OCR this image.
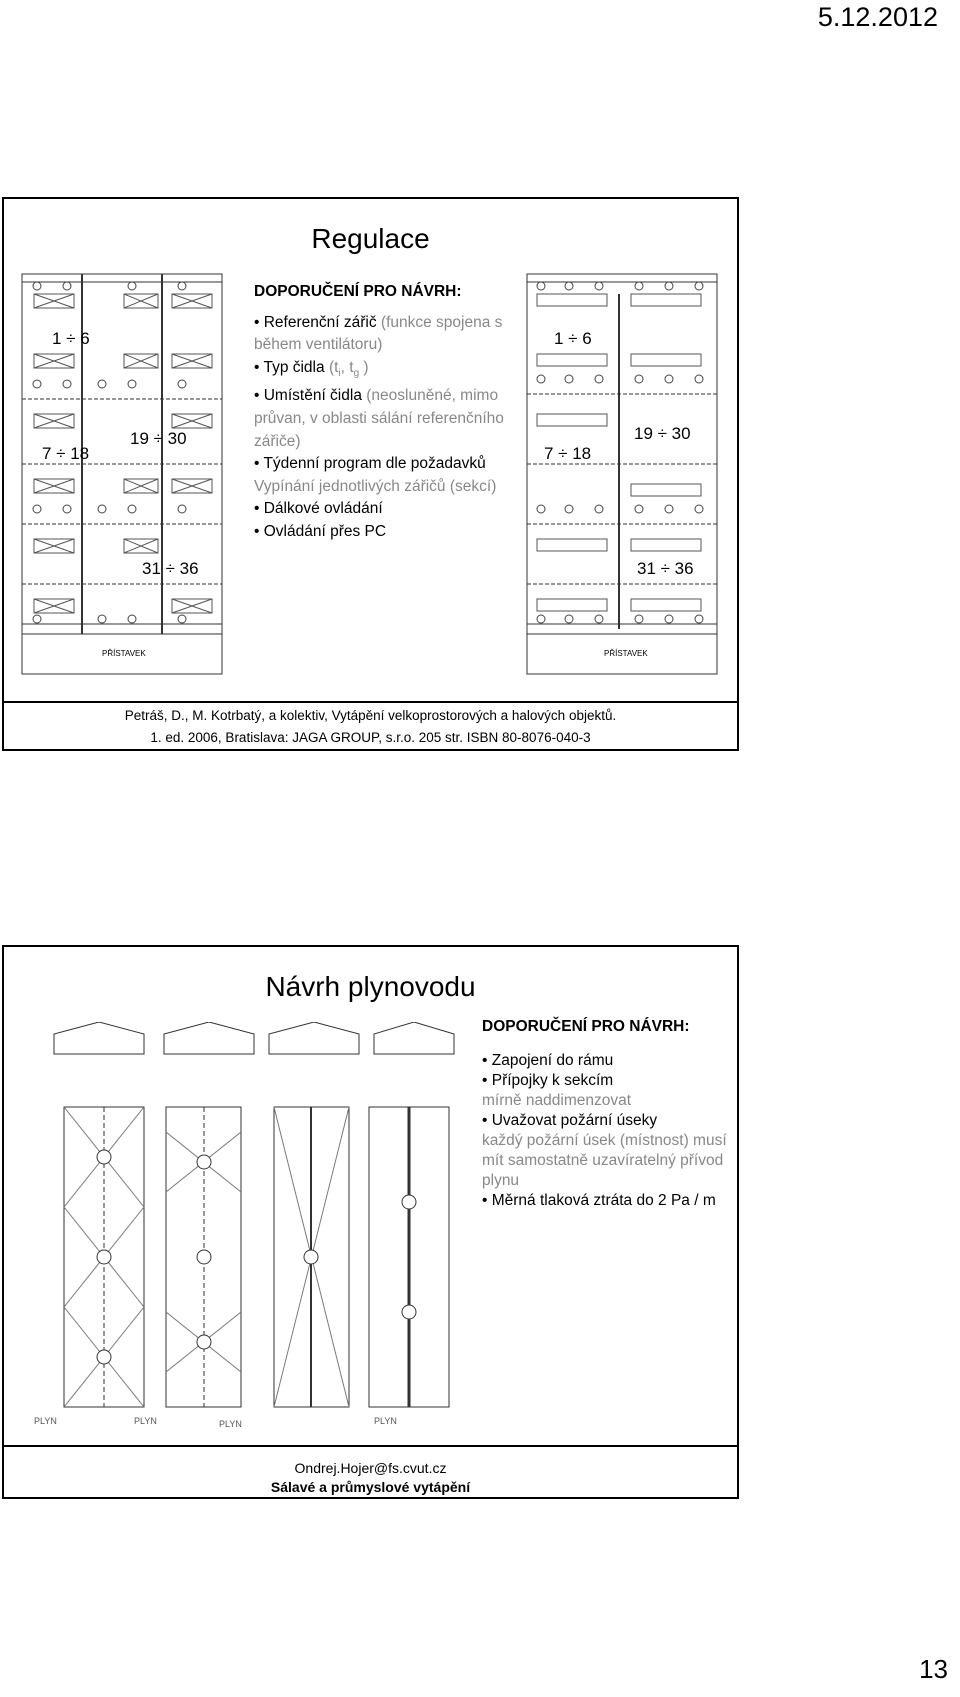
5.12.2012
Regulace
1 ÷ 6
7 ÷ 18
19 ÷ 30
31 ÷ 36
PŘÍSTAVEK
DOPORUČENÍ PRO NÁVRH:
• Referenční zářič (funkce spojena s během ventilátoru)
• Typ čidla ($t_i$, $t_g$ )
• Umístění čidla (neosluněné, mimo průvan, v oblasti sálání referenčního zářiče)
• Týdenní program dle požadavků
Vypínání jednotlivých zářičů (sekcí)
• Dálkové ovládání
• Ovládání přes PC
1 ÷ 6
7 ÷ 18
19 ÷ 30
31 ÷ 36
PŘÍSTAVEK
Petráš, D., M. Kotrbatý, a kolektiv, Vytápění velkoprostorových a halových objektů.
1. ed. 2006, Bratislava: JAGA GROUP, s.r.o. 205 str. ISBN 80-8076-040-3
Návrh plynovodu
PLYN	PLYN	PLYN	PLYN
DOPORUČENÍ PRO NÁVRH:
• Zapojení do rámu
• Přípojky k sekcím
mírně naddimenzovat
• Uvažovat požární úseky
každý požární úsek (místnost) musí mít samostatně uzavíratelný přívod plynu
• Měrná tlaková ztráta do 2 Pa / m
Ondrej.Hojer@fs.cvut.cz
Sálavé a průmyslové vytápění
13
